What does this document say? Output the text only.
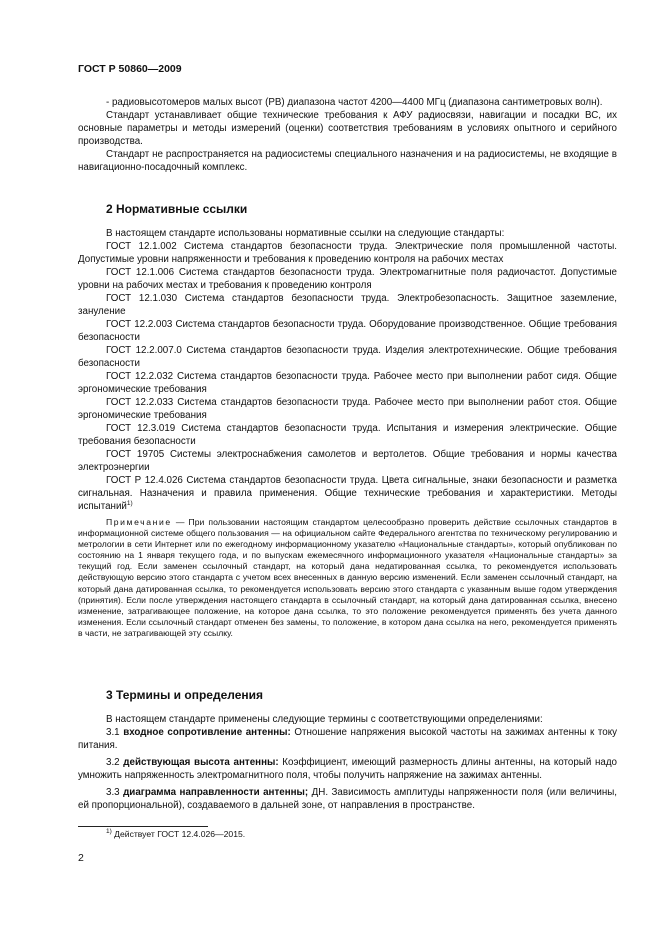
ГОСТ Р 50860—2009

- радиовысотомеров малых высот (РВ) диапазона частот 4200—4400 МГц (диапазона сантиметровых волн).

Стандарт устанавливает общие технические требования к АФУ радиосвязи, навигации и посадки ВС, их основные параметры и методы измерений (оценки) соответствия требованиям в условиях опытного и серийного производства.

Стандарт не распространяется на радиосистемы специального назначения и на радиосистемы, не входящие в навигационно-посадочный комплекс.

2 Нормативные ссылки

В настоящем стандарте использованы нормативные ссылки на следующие стандарты:

ГОСТ 12.1.002 Система стандартов безопасности труда. Электрические поля промышленной частоты. Допустимые уровни напряженности и требования к проведению контроля на рабочих местах

ГОСТ 12.1.006 Система стандартов безопасности труда. Электромагнитные поля радиочастот. Допустимые уровни на рабочих местах и требования к проведению контроля

ГОСТ 12.1.030 Система стандартов безопасности труда. Электробезопасность. Защитное заземление, зануление

ГОСТ 12.2.003 Система стандартов безопасности труда. Оборудование производственное. Общие требования безопасности

ГОСТ 12.2.007.0 Система стандартов безопасности труда. Изделия электротехнические. Общие требования безопасности

ГОСТ 12.2.032 Система стандартов безопасности труда. Рабочее место при выполнении работ сидя. Общие эргономические требования

ГОСТ 12.2.033 Система стандартов безопасности труда. Рабочее место при выполнении работ стоя. Общие эргономические требования

ГОСТ 12.3.019 Система стандартов безопасности труда. Испытания и измерения электрические. Общие требования безопасности

ГОСТ 19705 Системы электроснабжения самолетов и вертолетов. Общие требования и нормы качества электроэнергии

ГОСТ Р 12.4.026 Система стандартов безопасности труда. Цвета сигнальные, знаки безопасности и разметка сигнальная. Назначения и правила применения. Общие технические требования и характеристики. Методы испытаний$^{1)}$

Примечание — При пользовании настоящим стандартом целесообразно проверить действие ссылочных стандартов в информационной системе общего пользования — на официальном сайте Федерального агентства по техническому регулированию и метрологии в сети Интернет или по ежегодному информационному указателю «Национальные стандарты», который опубликован по состоянию на 1 января текущего года, и по выпускам ежемесячного информационного указателя «Национальные стандарты» за текущий год. Если заменен ссылочный стандарт, на который дана недатированная ссылка, то рекомендуется использовать действующую версию этого стандарта с учетом всех внесенных в данную версию изменений. Если заменен ссылочный стандарт, на который дана датированная ссылка, то рекомендуется использовать версию этого стандарта с указанным выше годом утверждения (принятия). Если после утверждения настоящего стандарта в ссылочный стандарт, на который дана датированная ссылка, внесено изменение, затрагивающее положение, на которое дана ссылка, то это положение рекомендуется применять без учета данного изменения. Если ссылочный стандарт отменен без замены, то положение, в котором дана ссылка на него, рекомендуется применять в части, не затрагивающей эту ссылку.

3 Термины и определения

В настоящем стандарте применены следующие термины с соответствующими определениями:

3.1 входное сопротивление антенны: Отношение напряжения высокой частоты на зажимах антенны к току питания.

3.2 действующая высота антенны: Коэффициент, имеющий размерность длины антенны, на который надо умножить напряженность электромагнитного поля, чтобы получить напряжение на зажимах антенны.

3.3 диаграмма направленности антенны; ДН. Зависимость амплитуды напряженности поля (или величины, ей пропорциональной), создаваемого в дальней зоне, от направления в пространстве.

$^{1)}$ Действует ГОСТ 12.4.026—2015.
2
